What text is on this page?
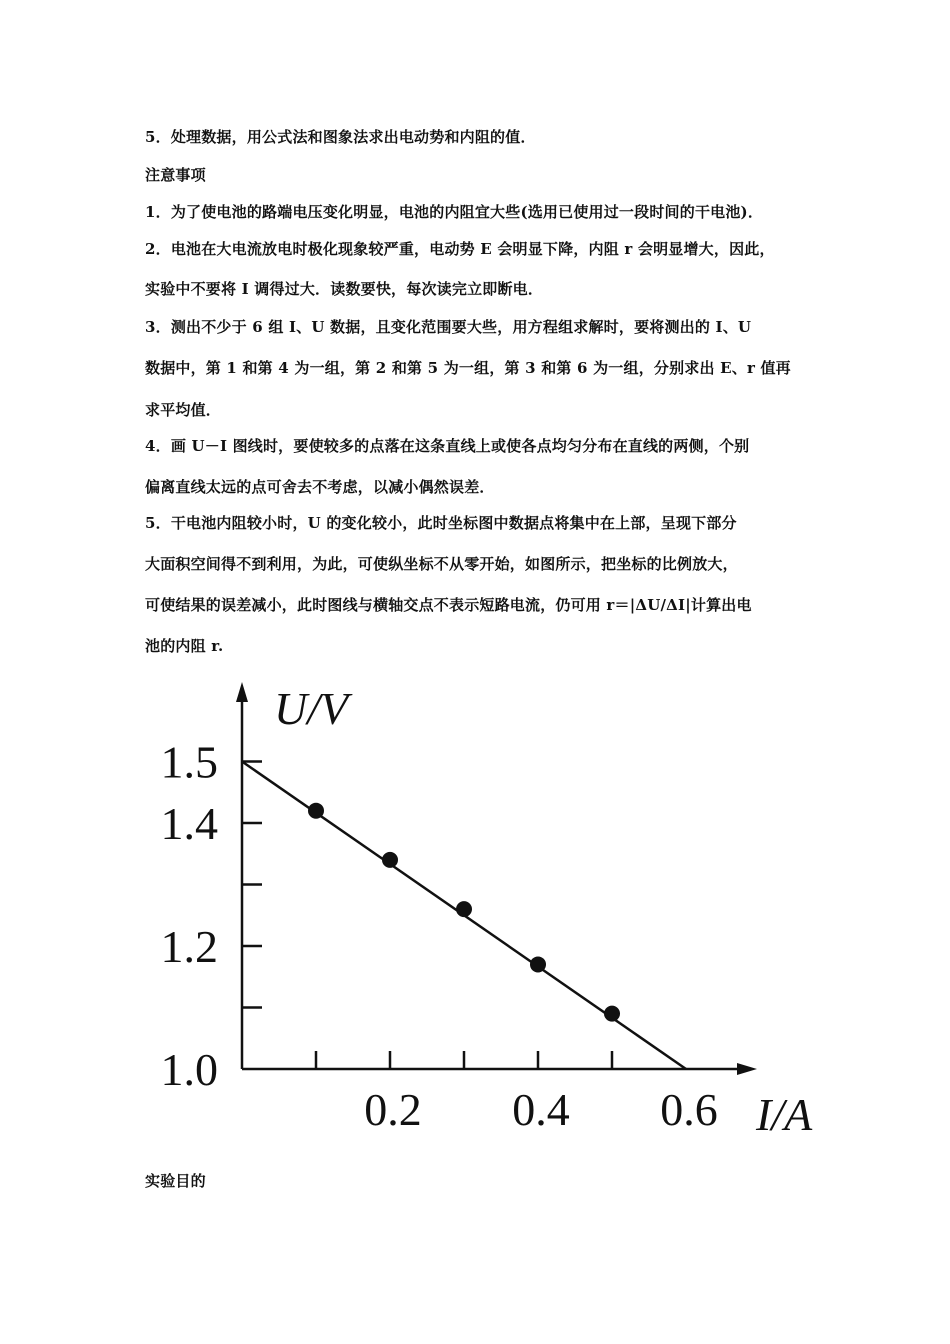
5．处理数据，用公式法和图象法求出电动势和内阻的值．
注意事项
1．为了使电池的路端电压变化明显，电池的内阻宜大些(选用已使用过一段时间的干电池)．
2．电池在大电流放电时极化现象较严重，电动势 E 会明显下降，内阻 r 会明显增大，因此，
实验中不要将 I 调得过大．读数要快，每次读完立即断电．
3．测出不少于 6 组 I、U 数据，且变化范围要大些，用方程组求解时，要将测出的 I、U
数据中，第 1 和第 4 为一组，第 2 和第 5 为一组，第 3 和第 6 为一组，分别求出 E、r 值再
求平均值．
4．画 U－I 图线时，要使较多的点落在这条直线上或使各点均匀分布在直线的两侧，个别
偏离直线太远的点可舍去不考虑，以减小偶然误差．
5．干电池内阻较小时，U 的变化较小，此时坐标图中数据点将集中在上部，呈现下部分
大面积空间得不到利用，为此，可使纵坐标不从零开始，如图所示，把坐标的比例放大，
可使结果的误差减小，此时图线与横轴交点不表示短路电流，仍可用 r＝|ΔU/ΔI|计算出电
池的内阻 r.
1.5
1.4
1.2
1.0
0.2 0.4 0.6
U/V
I/A
实验目的
